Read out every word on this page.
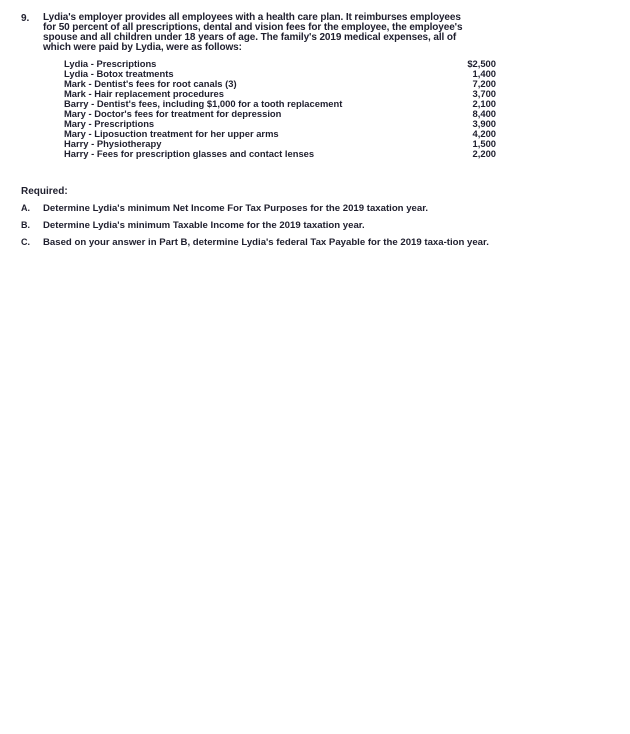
9. Lydia's employer provides all employees with a health care plan. It reimburses employees
for 50 percent of all prescriptions, dental and vision fees for the employee, the employee's
spouse and all children under 18 years of age. The family's 2019 medical expenses, all of
which were paid by Lydia, were as follows:
Lydia - Prescriptions	$2,500
Lydia - Botox treatments	1,400
Mark - Dentist's fees for root canals (3)	7,200
Mark - Hair replacement procedures	3,700
Barry - Dentist's fees, including $1,000 for a tooth replacement	2,100
Mary - Doctor's fees for treatment for depression	8,400
Mary - Prescriptions	3,900
Mary - Liposuction treatment for her upper arms	4,200
Harry - Physiotherapy	1,500
Harry - Fees for prescription glasses and contact lenses	2,200
Required:
A. Determine Lydia's minimum Net Income For Tax Purposes for the 2019 taxation year.
B. Determine Lydia's minimum Taxable Income for the 2019 taxation year.
C. Based on your answer in Part B, determine Lydia's federal Tax Payable for the 2019 taxa-tion year.
